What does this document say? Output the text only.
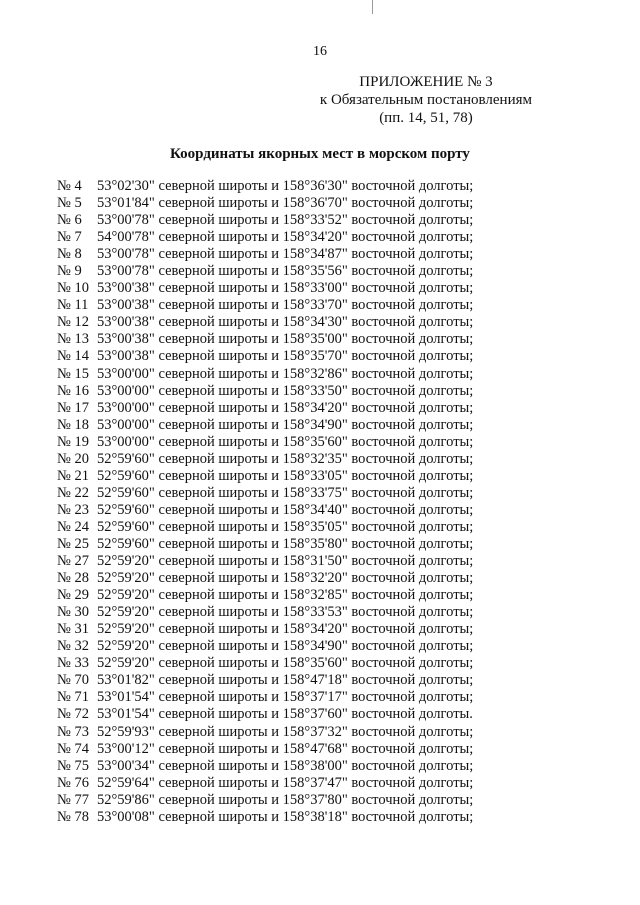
16
ПРИЛОЖЕНИЕ № 3
к Обязательным постановлениям
(пп. 14, 51, 78)
Координаты якорных мест в морском порту
№ 4 53°02'30" северной широты и 158°36'30" восточной долготы;
№ 5 53°01'84" северной широты и 158°36'70" восточной долготы;
№ 6 53°00'78" северной широты и 158°33'52" восточной долготы;
№ 7 54°00'78" северной широты и 158°34'20" восточной долготы;
№ 8 53°00'78" северной широты и 158°34'87" восточной долготы;
№ 9 53°00'78" северной широты и 158°35'56" восточной долготы;
№ 10 53°00'38" северной широты и 158°33'00" восточной долготы;
№ 11 53°00'38" северной широты и 158°33'70" восточной долготы;
№ 12 53°00'38" северной широты и 158°34'30" восточной долготы;
№ 13 53°00'38" северной широты и 158°35'00" восточной долготы;
№ 14 53°00'38" северной широты и 158°35'70" восточной долготы;
№ 15 53°00'00" северной широты и 158°32'86" восточной долготы;
№ 16 53°00'00" северной широты и 158°33'50" восточной долготы;
№ 17 53°00'00" северной широты и 158°34'20" восточной долготы;
№ 18 53°00'00" северной широты и 158°34'90" восточной долготы;
№ 19 53°00'00" северной широты и 158°35'60" восточной долготы;
№ 20 52°59'60" северной широты и 158°32'35" восточной долготы;
№ 21 52°59'60" северной широты и 158°33'05" восточной долготы;
№ 22 52°59'60" северной широты и 158°33'75" восточной долготы;
№ 23 52°59'60" северной широты и 158°34'40" восточной долготы;
№ 24 52°59'60" северной широты и 158°35'05" восточной долготы;
№ 25 52°59'60" северной широты и 158°35'80" восточной долготы;
№ 27 52°59'20" северной широты и 158°31'50" восточной долготы;
№ 28 52°59'20" северной широты и 158°32'20" восточной долготы;
№ 29 52°59'20" северной широты и 158°32'85" восточной долготы;
№ 30 52°59'20" северной широты и 158°33'53" восточной долготы;
№ 31 52°59'20" северной широты и 158°34'20" восточной долготы;
№ 32 52°59'20" северной широты и 158°34'90" восточной долготы;
№ 33 52°59'20" северной широты и 158°35'60" восточной долготы;
№ 70 53°01'82" северной широты и 158°47'18" восточной долготы;
№ 71 53°01'54" северной широты и 158°37'17" восточной долготы;
№ 72 53°01'54" северной широты и 158°37'60" восточной долготы.
№ 73 52°59'93" северной широты и 158°37'32" восточной долготы;
№ 74 53°00'12" северной широты и 158°47'68" восточной долготы;
№ 75 53°00'34" северной широты и 158°38'00" восточной долготы;
№ 76 52°59'64" северной широты и 158°37'47" восточной долготы;
№ 77 52°59'86" северной широты и 158°37'80" восточной долготы;
№ 78 53°00'08" северной широты и 158°38'18" восточной долготы;
